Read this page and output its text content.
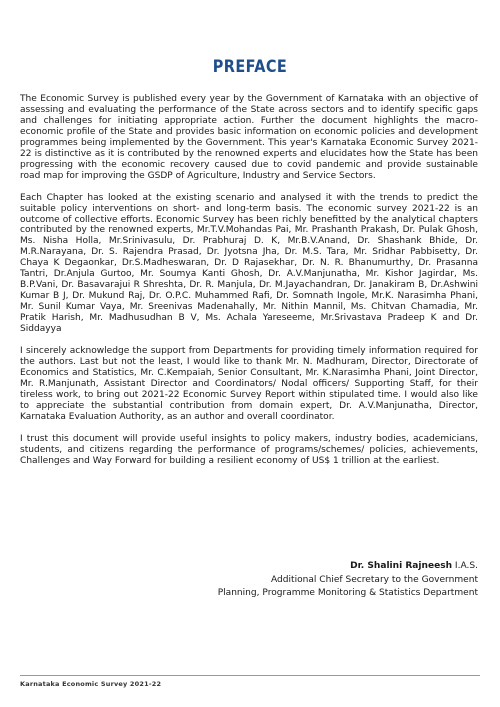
PREFACE

The Economic Survey is published every year by the Government of Karnataka with an objective of assessing and evaluating the performance of the State across sectors and to identify specific gaps and challenges for initiating appropriate action. Further the document highlights the macro-economic profile of the State and provides basic information on economic policies and development programmes being implemented by the Government. This year's Karnataka Economic Survey 2021-22 is distinctive as it is contributed by the renowned experts and elucidates how the State has been progressing with the economic recovery caused due to covid pandemic and provide sustainable road map for improving the GSDP of Agriculture, Industry and Service Sectors.

Each Chapter has looked at the existing scenario and analysed it with the trends to predict the suitable policy interventions on short- and long-term basis. The economic survey 2021-22 is an outcome of collective efforts. Economic Survey has been richly benefitted by the analytical chapters contributed by the renowned experts, Mr.T.V.Mohandas Pai, Mr. Prashanth Prakash, Dr. Pulak Ghosh, Ms. Nisha Holla, Mr.Srinivasulu, Dr. Prabhuraj D. K, Mr.B.V.Anand, Dr. Shashank Bhide, Dr. M.R.Narayana, Dr. S. Rajendra Prasad, Dr. Jyotsna Jha, Dr. M.S. Tara, Mr. Sridhar Pabbisetty, Dr. Chaya K Degaonkar, Dr.S.Madheswaran, Dr. D Rajasekhar, Dr. N. R. Bhanumurthy, Dr. Prasanna Tantri, Dr.Anjula Gurtoo, Mr. Soumya Kanti Ghosh, Dr. A.V.Manjunatha, Mr. Kishor Jagirdar, Ms. B.P.Vani, Dr. Basavarajui R Shreshta, Dr. R. Manjula, Dr. M.Jayachandran, Dr. Janakiram B, Dr.Ashwini Kumar B J, Dr. Mukund Raj, Dr. O.P.C. Muhammed Rafi, Dr. Somnath Ingole, Mr.K. Narasimha Phani, Mr. Sunil Kumar Vaya, Mr. Sreenivas Madenahally, Mr. Nithin Mannil, Ms. Chitvan Chamadia, Mr. Pratik Harish, Mr. Madhusudhan B V, Ms. Achala Yareseeme, Mr.Srivastava Pradeep K and Dr. Siddayya

I sincerely acknowledge the support from Departments for providing timely information required for the authors. Last but not the least, I would like to thank Mr. N. Madhuram, Director, Directorate of Economics and Statistics, Mr. C.Kempaiah, Senior Consultant, Mr. K.Narasimha Phani, Joint Director, Mr. R.Manjunath, Assistant Director and Coordinators/ Nodal officers/ Supporting Staff, for their tireless work, to bring out 2021-22 Economic Survey Report within stipulated time. I would also like to appreciate the substantial contribution from domain expert, Dr. A.V.Manjunatha, Director, Karnataka Evaluation Authority, as an author and overall coordinator.

I trust this document will provide useful insights to policy makers, industry bodies, academicians, students, and citizens regarding the performance of programs/schemes/ policies, achievements, Challenges and Way Forward for building a resilient economy of US$ 1 trillion at the earliest.

Dr. Shalini Rajneesh I.A.S.
Additional Chief Secretary to the Government
Planning, Programme Monitoring & Statistics Department
Karnataka Economic Survey 2021-22
